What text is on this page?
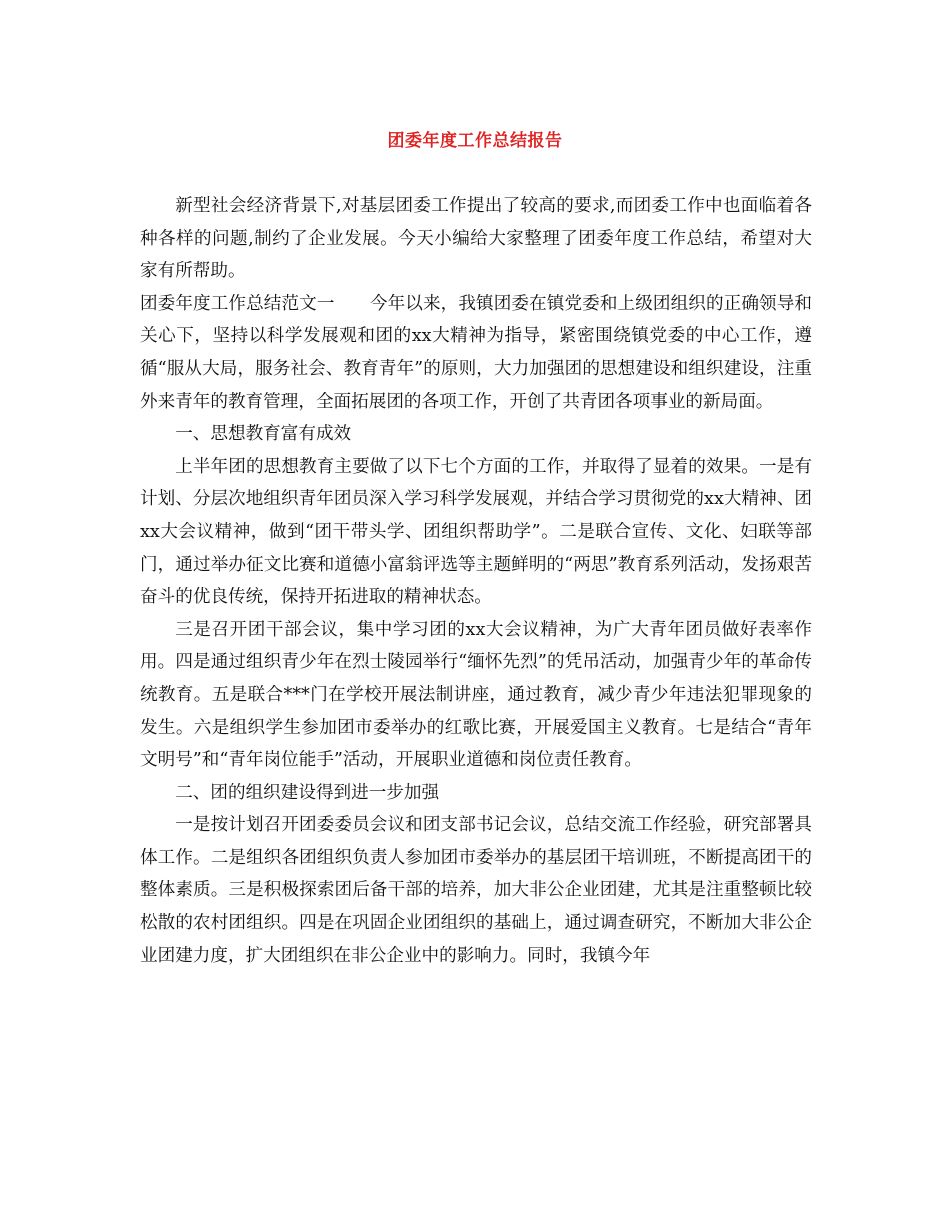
团委年度工作总结报告

新型社会经济背景下,对基层团委工作提出了较高的要求,而团委工作中也面临着各种各样的问题,制约了企业发展。今天小编给大家整理了团委年度工作总结，希望对大家有所帮助。

团委年度工作总结范文一　　今年以来，我镇团委在镇党委和上级团组织的正确领导和关心下，坚持以科学发展观和团的xx大精神为指导，紧密围绕镇党委的中心工作，遵循“服从大局，服务社会、教育青年”的原则，大力加强团的思想建设和组织建设，注重外来青年的教育管理，全面拓展团的各项工作，开创了共青团各项事业的新局面。

一、思想教育富有成效

上半年团的思想教育主要做了以下七个方面的工作，并取得了显着的效果。一是有计划、分层次地组织青年团员深入学习科学发展观，并结合学习贯彻党的xx大精神、团xx大会议精神，做到“团干带头学、团组织帮助学”。二是联合宣传、文化、妇联等部门，通过举办征文比赛和道德小富翁评选等主题鲜明的“两思”教育系列活动，发扬艰苦奋斗的优良传统，保持开拓进取的精神状态。

三是召开团干部会议，集中学习团的xx大会议精神，为广大青年团员做好表率作用。四是通过组织青少年在烈士陵园举行“缅怀先烈”的凭吊活动，加强青少年的革命传统教育。五是联合***门在学校开展法制讲座，通过教育，减少青少年违法犯罪现象的发生。六是组织学生参加团市委举办的红歌比赛，开展爱国主义教育。七是结合“青年文明号”和“青年岗位能手”活动，开展职业道德和岗位责任教育。

二、团的组织建设得到进一步加强

一是按计划召开团委委员会议和团支部书记会议，总结交流工作经验，研究部署具体工作。二是组织各团组织负责人参加团市委举办的基层团干培训班，不断提高团干的整体素质。三是积极探索团后备干部的培养，加大非公企业团建，尤其是注重整顿比较松散的农村团组织。四是在巩固企业团组织的基础上，通过调查研究，不断加大非公企业团建力度，扩大团组织在非公企业中的影响力。同时，我镇今年
